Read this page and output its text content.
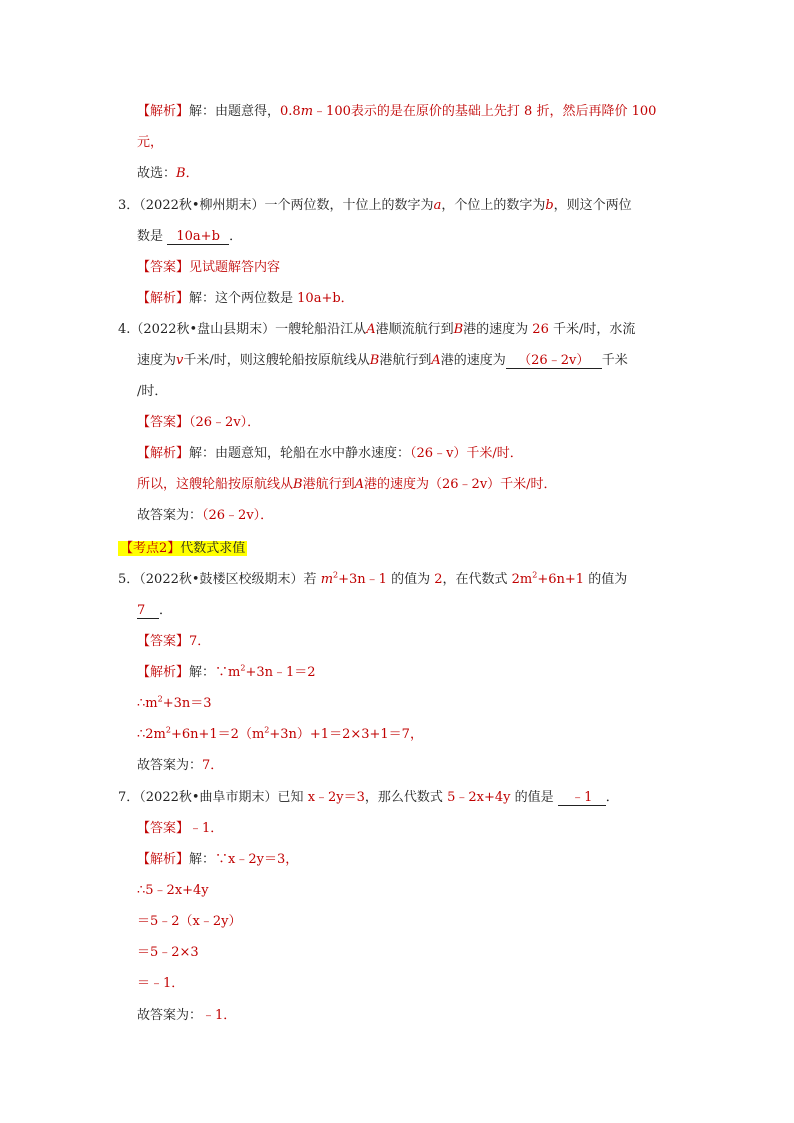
【解析】解：由题意得，0.8m﹣100表示的是在原价的基础上先打 8 折，然后再降价 100
元，
故选：B．
3．（2022秋•柳州期末）一个两位数，十位上的数字为a，个位上的数字为b，则这个两位
数是 10a+b ．
【答案】见试题解答内容
【解析】解：这个两位数是 10a+b．
4.（2022秋•盘山县期末）一艘轮船沿江从A港顺流航行到B港的速度为 26 千米/时，水流
速度为v千米/时，则这艘轮船按原航线从B港航行到A港的速度为 （26﹣2v） 千米
/时．
【答案】（26﹣2v）．
【解析】解：由题意知，轮船在水中静水速度：（26﹣v）千米/时．
所以，这艘轮船按原航线从B港航行到A港的速度为（26﹣2v）千米/时．
故答案为：（26﹣2v）．
【考点2】代数式求值
5．（2022秋•鼓楼区校级期末）若 $m^2+3n﹣1$ 的值为 2，在代数式 $2m^2+6n+1$ 的值为
7 ．
【答案】7．
【解析】解：$\because m^2+3n﹣1=2$
$\therefore m^2+3n=3$
$\therefore 2m^2+6n+1=2(m^2+3n)+1=2\times 3+1=7$，
故答案为：7．
7．（2022秋•曲阜市期末）已知 x﹣2y＝3，那么代数式 5﹣2x+4y 的值是 ﹣1 ．
【答案】﹣1．
【解析】解：∵x﹣2y＝3，
∴5﹣2x+4y
＝5﹣2（x﹣2y）
＝5﹣2×3
＝﹣1．
故答案为：﹣1．
